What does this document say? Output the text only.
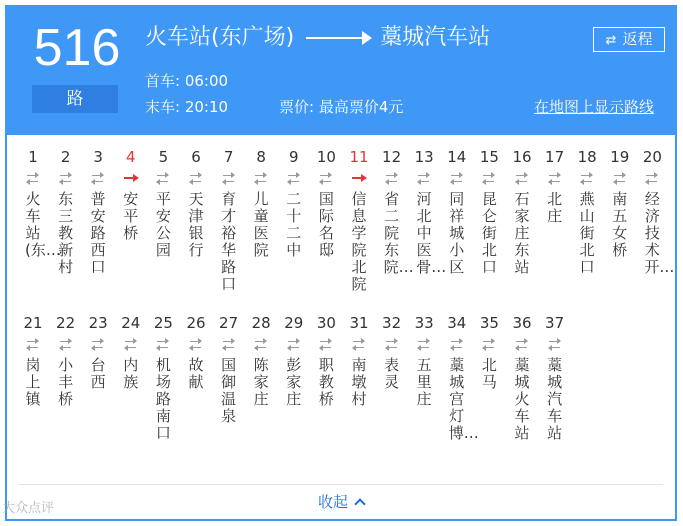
516
路
火车站(东广场)	藁城汽车站	⇄ 返程
首车: 06:00
末车: 20:10	票价: 最高票价4元	在地图上显示路线
1
火车站(东…
2
东三教新村
3
普安路西口
4
安平桥
5
平安公园
6
天津银行
7
育才裕华路口
8
儿童医院
9
二十二中
10
国际名邸
11
信息学院北院
12
省二院东院…
13
河北中医骨…
14
同祥城小区
15
昆仑街北口
16
石家庄东站
17
北庄
18
燕山街北口
19
南五女桥
20
经济技术开…
21
岗上镇
22
小丰桥
23
台西
24
内族
25
机场路南口
26
故献
27
国御温泉
28
陈家庄
29
彭家庄
30
职教桥
31
南墩村
32
表灵
33
五里庄
34
藁城宫灯博…
35
北马
36
藁城火车站
37
藁城汽车站
收起
大众点评
